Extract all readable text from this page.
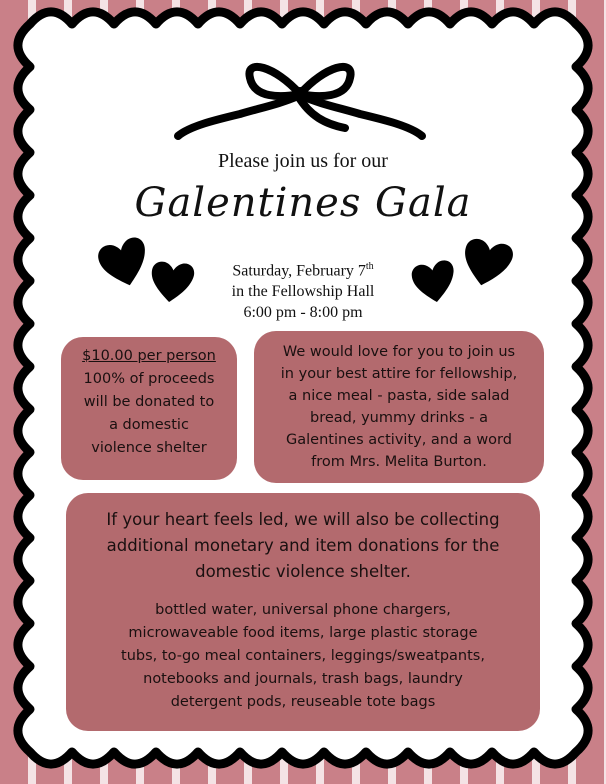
Please join us for our
Galentines Gala
Saturday, February 7th
in the Fellowship Hall
6:00 pm - 8:00 pm
$10.00 per person
100% of proceeds
will be donated to
a domestic
violence shelter
We would love for you to join us
in your best attire for fellowship,
a nice meal - pasta, side salad
bread, yummy drinks - a
Galentines activity, and a word
from Mrs. Melita Burton.
If your heart feels led, we will also be collecting
additional monetary and item donations for the
domestic violence shelter.
bottled water, universal phone chargers,
microwaveable food items, large plastic storage
tubs, to-go meal containers, leggings/sweatpants,
notebooks and journals, trash bags, laundry
detergent pods, reuseable tote bags
